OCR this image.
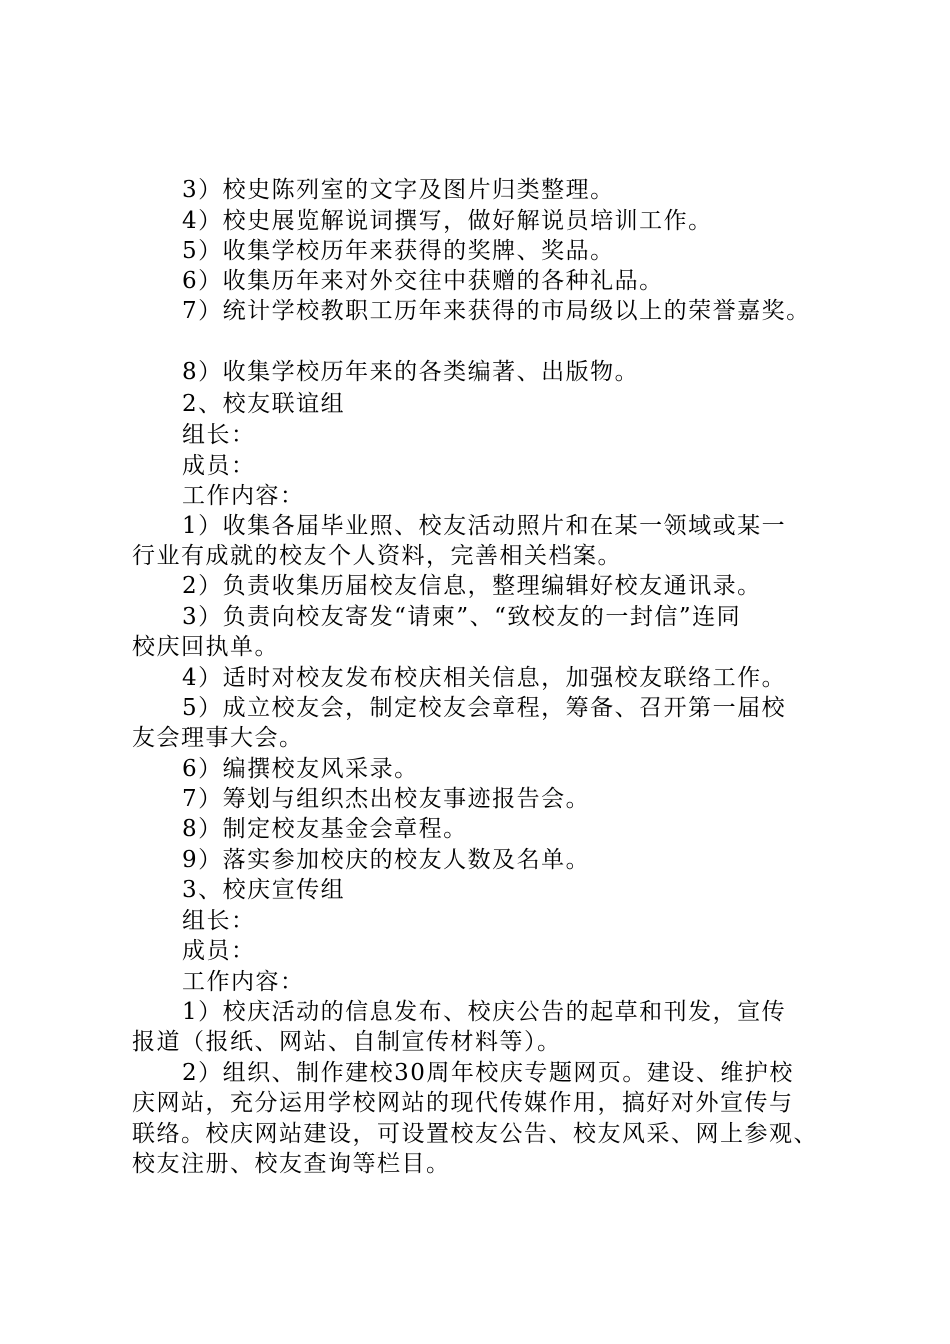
3）校史陈列室的文字及图片归类整理。
4）校史展览解说词撰写，做好解说员培训工作。
5）收集学校历年来获得的奖牌、奖品。
6）收集历年来对外交往中获赠的各种礼品。
7）统计学校教职工历年来获得的市局级以上的荣誉嘉奖。
8）收集学校历年来的各类编著、出版物。
2、校友联谊组
组长：
成员：
工作内容：
1）收集各届毕业照、校友活动照片和在某一领域或某一
行业有成就的校友个人资料，完善相关档案。
2）负责收集历届校友信息，整理编辑好校友通讯录。
3）负责向校友寄发“请柬”、“致校友的一封信”连同
校庆回执单。
4）适时对校友发布校庆相关信息，加强校友联络工作。
5）成立校友会，制定校友会章程，筹备、召开第一届校
友会理事大会。
6）编撰校友风采录。
7）筹划与组织杰出校友事迹报告会。
8）制定校友基金会章程。
9）落实参加校庆的校友人数及名单。
3、校庆宣传组
组长：
成员：
工作内容：
1）校庆活动的信息发布、校庆公告的起草和刊发，宣传
报道（报纸、网站、自制宣传材料等）。
2）组织、制作建校30周年校庆专题网页。建设、维护校
庆网站，充分运用学校网站的现代传媒作用，搞好对外宣传与
联络。校庆网站建设，可设置校友公告、校友风采、网上参观、
校友注册、校友查询等栏目。
